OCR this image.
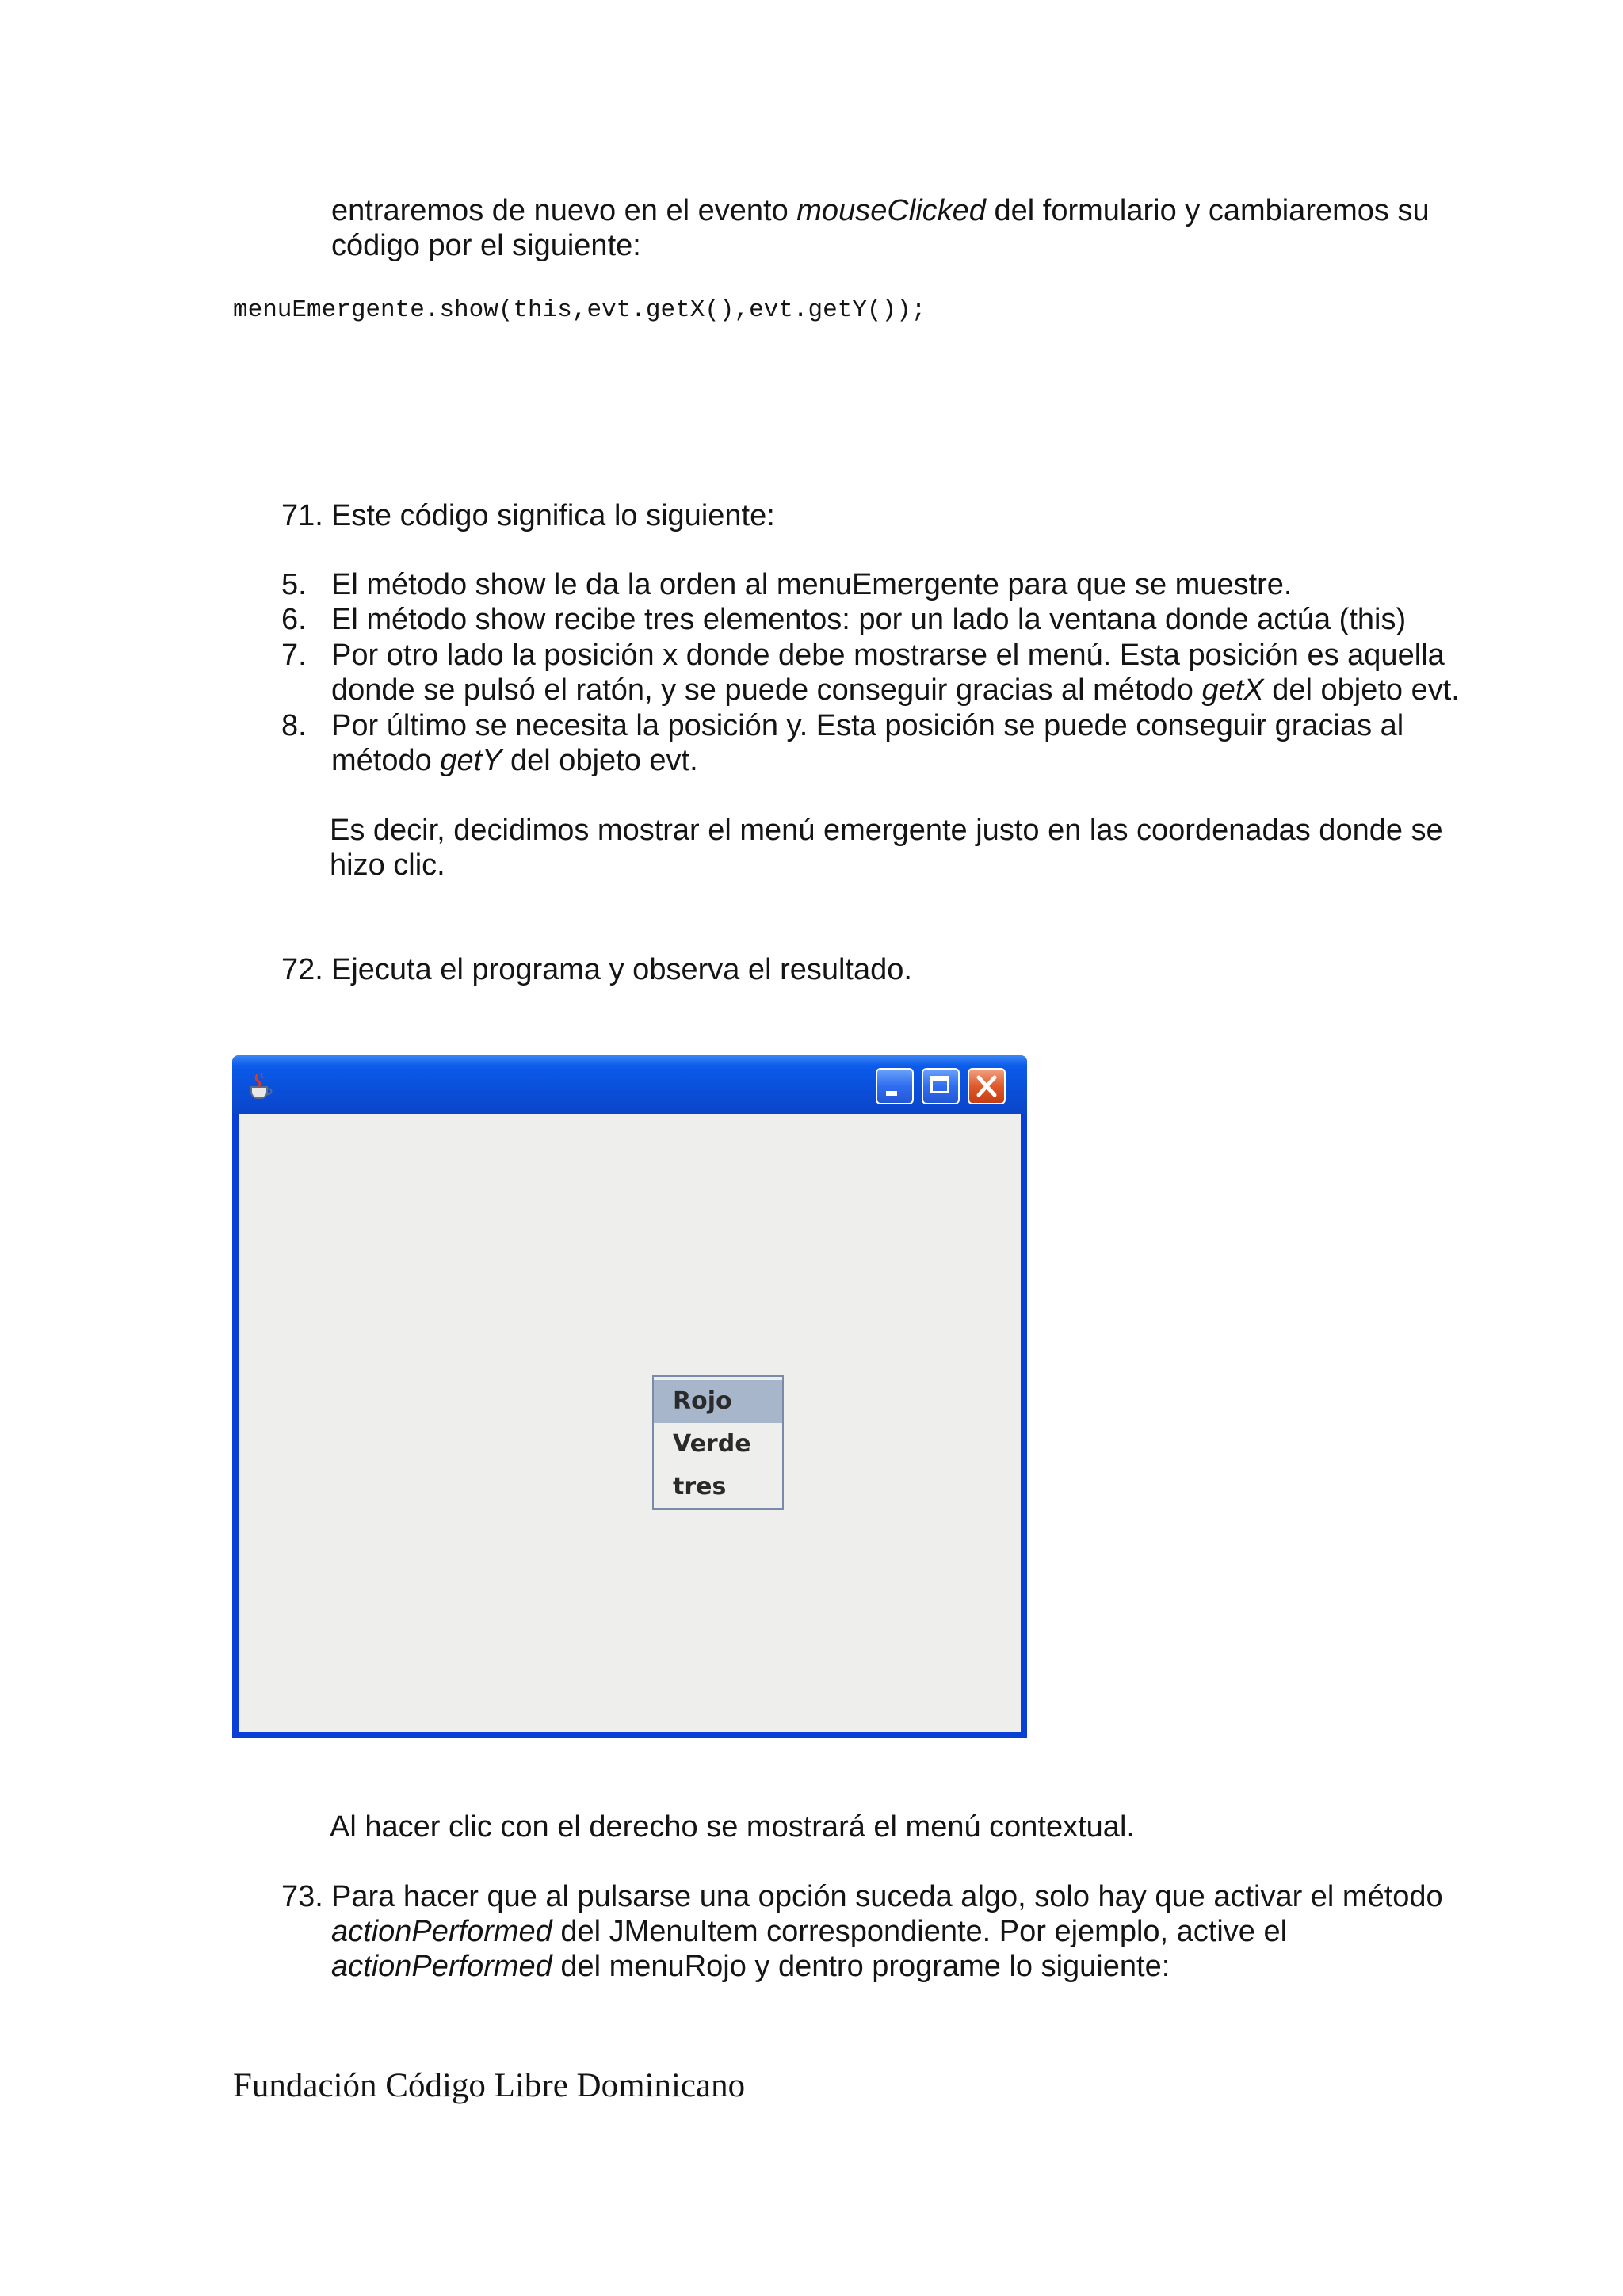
entraremos de nuevo en el evento mouseClicked del formulario y cambiaremos su
código por el siguiente:
menuEmergente.show(this,evt.getX(),evt.getY());
71. Este código significa lo siguiente:
5. El método show le da la orden al menuEmergente para que se muestre.
6. El método show recibe tres elementos: por un lado la ventana donde actúa (this)
7. Por otro lado la posición x donde debe mostrarse el menú. Esta posición es aquella
donde se pulsó el ratón, y se puede conseguir gracias al método getX del objeto evt.
8. Por último se necesita la posición y. Esta posición se puede conseguir gracias al
método getY del objeto evt.
Es decir, decidimos mostrar el menú emergente justo en las coordenadas donde se
hizo clic.
72. Ejecuta el programa y observa el resultado.
Rojo
Verde
tres
Al hacer clic con el derecho se mostrará el menú contextual.
73. Para hacer que al pulsarse una opción suceda algo, solo hay que activar el método
actionPerformed del JMenuItem correspondiente. Por ejemplo, active el
actionPerformed del menuRojo y dentro programe lo siguiente:
Fundación Código Libre Dominicano
